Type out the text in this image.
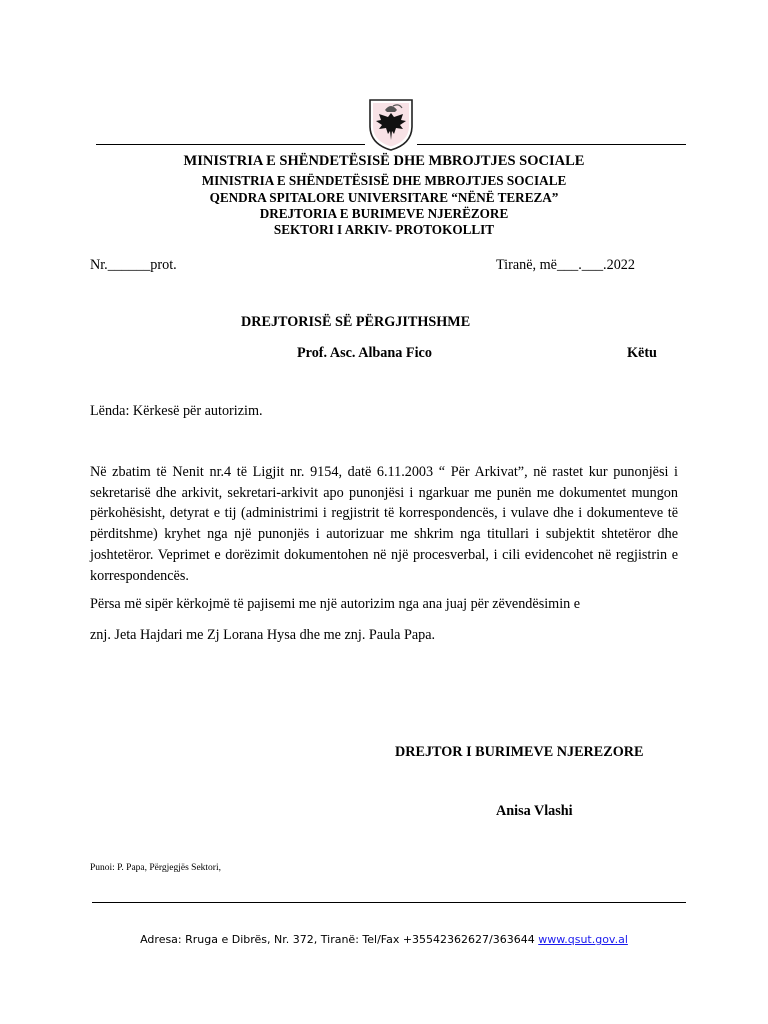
MINISTRIA E SHËNDETËSISË DHE MBROJTJES SOCIALE
MINISTRIA E SHËNDETËSISË DHE MBROJTJES SOCIALE
QENDRA SPITALORE UNIVERSITARE “NËNË TEREZA”
DREJTORIA E BURIMEVE NJERËZORE
SEKTORI I ARKIV- PROTOKOLLIT
Nr.______prot.	Tiranë, më___.___.2022
DREJTORISË SË PËRGJITHSHME
Prof. Asc. Albana Fico	Këtu
Lënda: Kërkesë për autorizim.
Në zbatim të Nenit nr.4 të Ligjit nr. 9154, datë 6.11.2003 “ Për Arkivat”, në rastet kur punonjësi i sekretarisë dhe arkivit, sekretari-arkivit apo punonjësi i ngarkuar me punën me dokumentet mungon përkohësisht, detyrat e tij (administrimi i regjistrit të korrespondencës, i vulave dhe i dokumenteve të përditshme) kryhet nga një punonjës i autorizuar me shkrim nga titullari i subjektit shtetëror dhe joshtetëror. Veprimet e dorëzimit dokumentohen në një procesverbal, i cili evidencohet në regjistrin e korrespondencës.
Përsa më sipër kërkojmë të pajisemi me një autorizim nga ana juaj për zëvendësimin e
znj. Jeta Hajdari me Zj Lorana Hysa dhe me znj. Paula Papa.
DREJTOR I BURIMEVE NJEREZORE
Anisa Vlashi
Punoi: P. Papa, Përgjegjës Sektori,
Adresa: Rruga e Dibrës, Nr. 372, Tiranë: Tel/Fax +35542362627/363644 www.qsut.gov.al
